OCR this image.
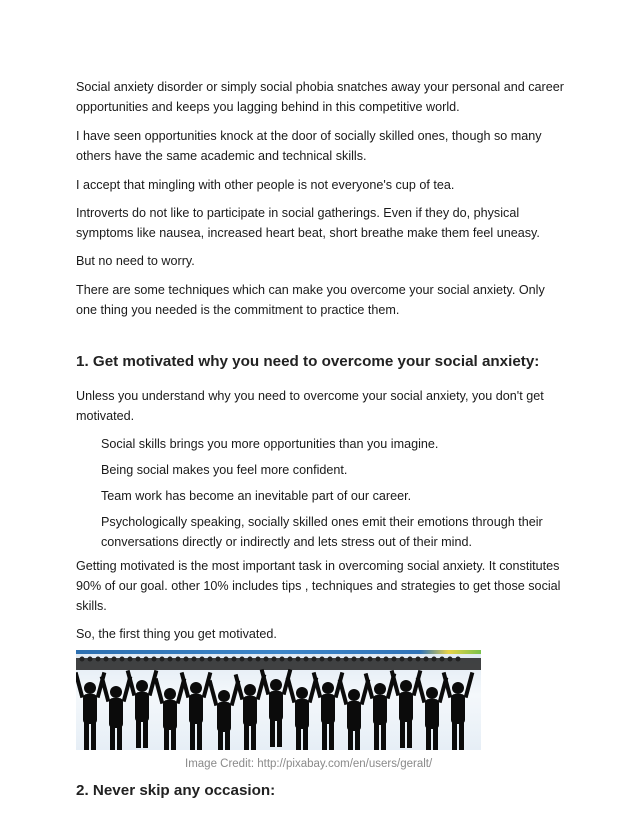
Social anxiety disorder or simply social phobia snatches away your personal and career opportunities and keeps you lagging behind in this competitive world.

I have seen opportunities knock at the door of socially skilled ones, though so many others have the same academic and technical skills.

I accept that mingling with other people is not everyone's cup of tea.

Introverts do not like to participate in social gatherings. Even if they do, physical symptoms like nausea, increased heart beat, short breathe make them feel uneasy.

But no need to worry.

There are some techniques which can make you overcome your social anxiety. Only one thing you needed is the commitment to practice them.

1. Get motivated why you need to overcome your social anxiety:

Unless you understand why you need to overcome your social anxiety, you don't get motivated.

Social skills brings you more opportunities than you imagine.

Being social makes you feel more confident.

Team work has become an inevitable part of our career.

Psychologically speaking, socially skilled ones emit their emotions through their conversations directly or indirectly and lets stress out of their mind.

Getting motivated is the most important task in overcoming social anxiety. It constitutes 90% of our goal. other 10% includes tips , techniques and strategies to get those social skills.

So, the first thing you get motivated.

Image Credit: http://pixabay.com/en/users/geralt/

2. Never skip any occasion:
